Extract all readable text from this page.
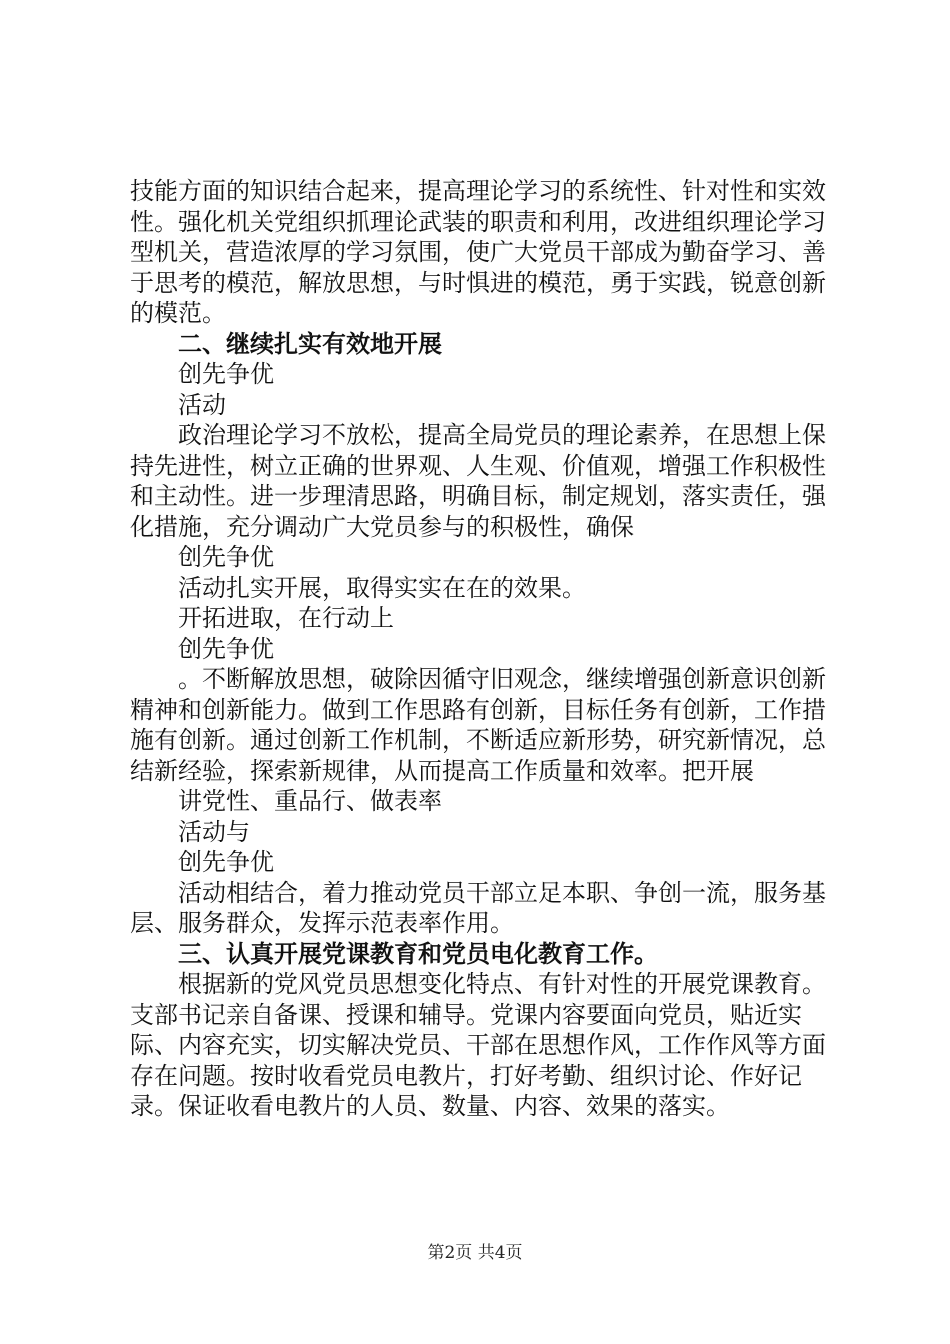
技能方面的知识结合起来，提高理论学习的系统性、针对性和实效性。强化机关党组织抓理论武装的职责和利用，改进组织理论学习型机关，营造浓厚的学习氛围，使广大党员干部成为勤奋学习、善于思考的模范，解放思想，与时惧进的模范，勇于实践，锐意创新的模范。

二、继续扎实有效地开展

创先争优

活动

政治理论学习不放松，提高全局党员的理论素养，在思想上保持先进性，树立正确的世界观、人生观、价值观，增强工作积极性和主动性。进一步理清思路，明确目标，制定规划，落实责任，强化措施，充分调动广大党员参与的积极性，确保

创先争优

活动扎实开展，取得实实在在的效果。

开拓进取，在行动上

创先争优

。不断解放思想，破除因循守旧观念，继续增强创新意识创新精神和创新能力。做到工作思路有创新，目标任务有创新，工作措施有创新。通过创新工作机制，不断适应新形势，研究新情况，总结新经验，探索新规律，从而提高工作质量和效率。把开展

讲党性、重品行、做表率

活动与

创先争优

活动相结合，着力推动党员干部立足本职、争创一流，服务基层、服务群众，发挥示范表率作用。

三、认真开展党课教育和党员电化教育工作。

根据新的党风党员思想变化特点、有针对性的开展党课教育。支部书记亲自备课、授课和辅导。党课内容要面向党员，贴近实际、内容充实，切实解决党员、干部在思想作风，工作作风等方面存在问题。按时收看党员电教片，打好考勤、组织讨论、作好记录。保证收看电教片的人员、数量、内容、效果的落实。

第2页 共4页
